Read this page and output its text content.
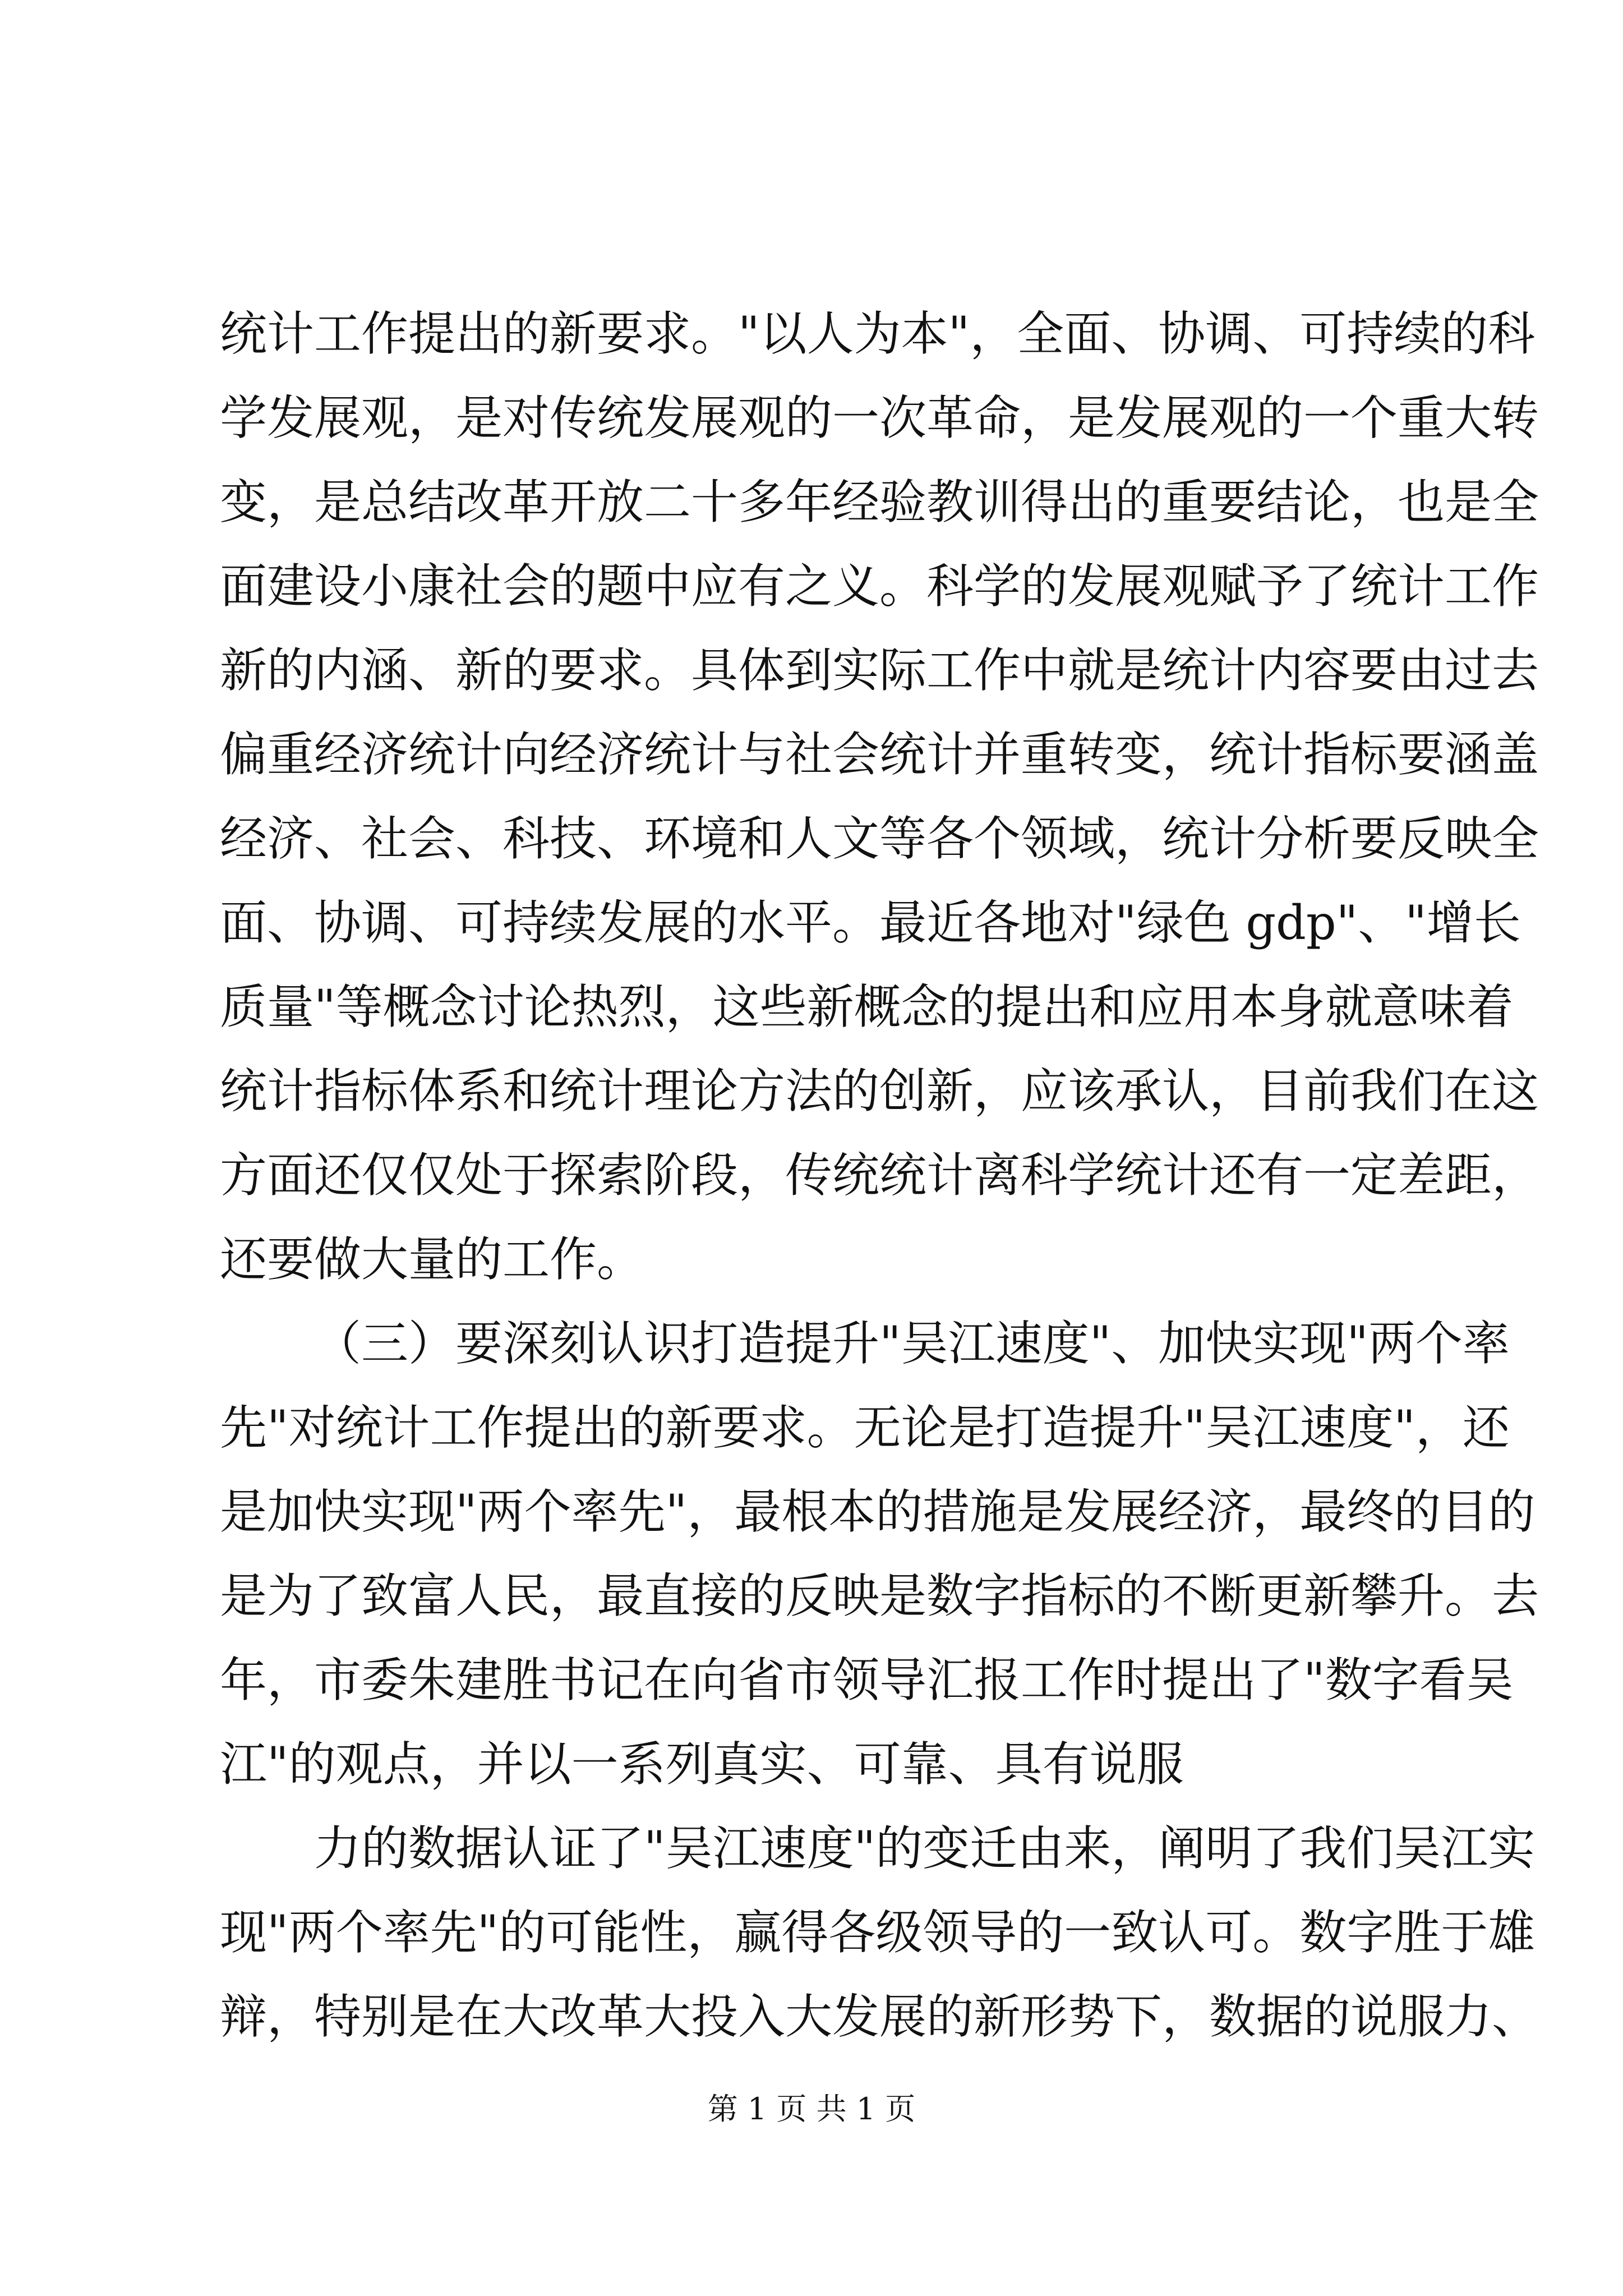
统计工作提出的新要求。"以人为本"，全面、协调、可持续的科
学发展观，是对传统发展观的一次革命，是发展观的一个重大转
变，是总结改革开放二十多年经验教训得出的重要结论，也是全
面建设小康社会的题中应有之义。科学的发展观赋予了统计工作
新的内涵、新的要求。具体到实际工作中就是统计内容要由过去
偏重经济统计向经济统计与社会统计并重转变，统计指标要涵盖
经济、社会、科技、环境和人文等各个领域，统计分析要反映全
面、协调、可持续发展的水平。最近各地对"绿色 gdp"、"增长
质量"等概念讨论热烈，这些新概念的提出和应用本身就意味着
统计指标体系和统计理论方法的创新，应该承认，目前我们在这
方面还仅仅处于探索阶段，传统统计离科学统计还有一定差距，
还要做大量的工作。
（三）要深刻认识打造提升"吴江速度"、加快实现"两个率
先"对统计工作提出的新要求。无论是打造提升"吴江速度"，还
是加快实现"两个率先"，最根本的措施是发展经济，最终的目的
是为了致富人民，最直接的反映是数字指标的不断更新攀升。去
年，市委朱建胜书记在向省市领导汇报工作时提出了"数字看吴
江"的观点，并以一系列真实、可靠、具有说服
力的数据认证了"吴江速度"的变迁由来，阐明了我们吴江实
现"两个率先"的可能性，赢得各级领导的一致认可。数字胜于雄
辩，特别是在大改革大投入大发展的新形势下，数据的说服力、
第 1 页 共 1 页
